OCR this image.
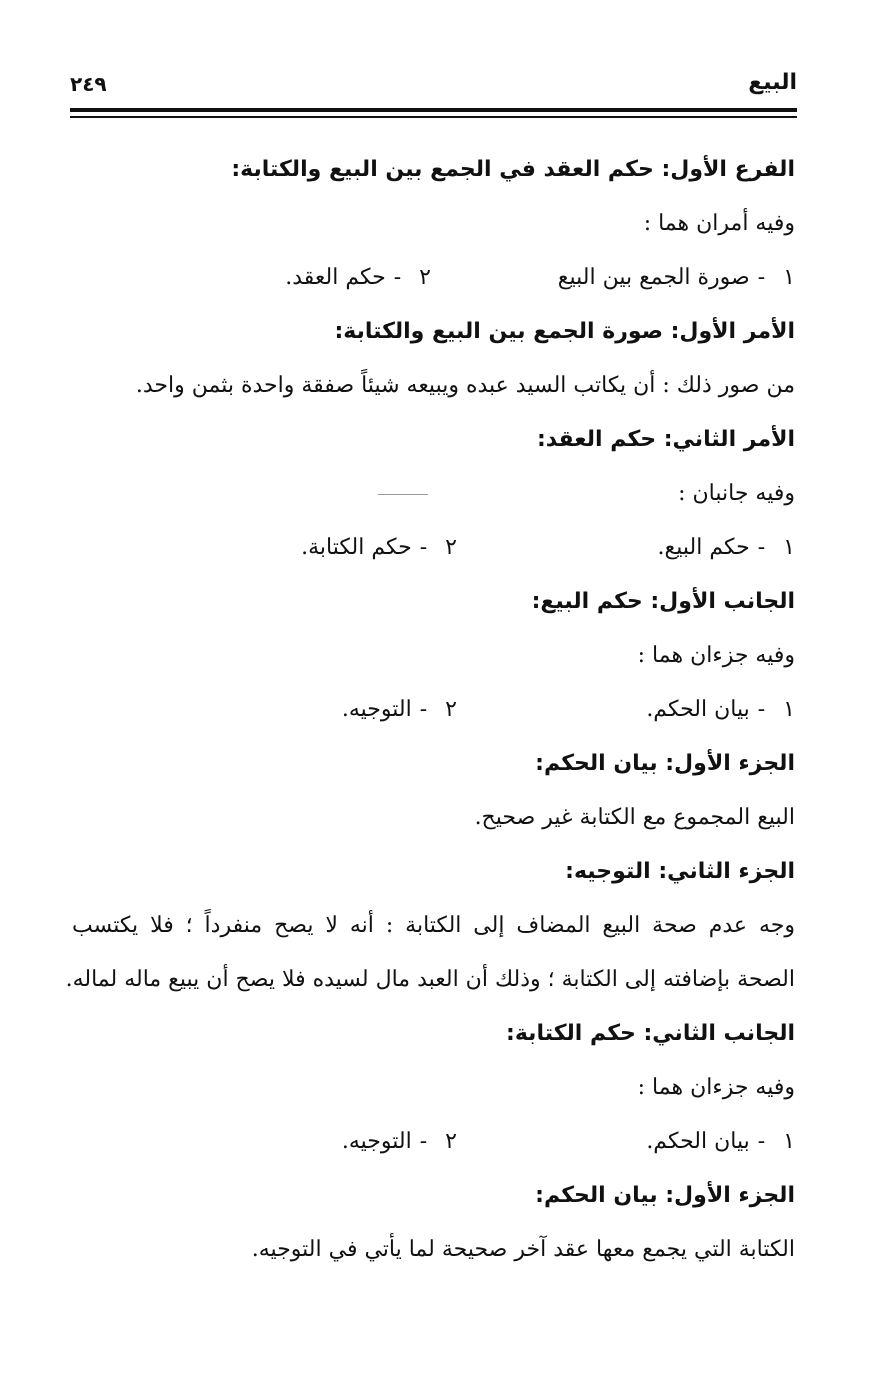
البيع
٢٤٩
الفرع الأول: حكم العقد في الجمع بين البيع والكتابة:
وفيه أمران هما :
١-صورة الجمع بين البيع
٢-حكم العقد.
الأمر الأول: صورة الجمع بين البيع والكتابة:
من صور ذلك : أن يكاتب السيد عبده ويبيعه شيئاً صفقة واحدة بثمن واحد.
الأمر الثاني: حكم العقد:
وفيه جانبان :
١-حكم البيع.
٢-حكم الكتابة.
الجانب الأول: حكم البيع:
وفيه جزءان هما :
١-بيان الحكم.
٢-التوجيه.
الجزء الأول: بيان الحكم:
البيع المجموع مع الكتابة غير صحيح.
الجزء الثاني: التوجيه:
وجه عدم صحة البيع المضاف إلى الكتابة : أنه لا يصح منفرداً ؛ فلا يكتسب
الصحة بإضافته إلى الكتابة ؛ وذلك أن العبد مال لسيده فلا يصح أن يبيع ماله لماله.
الجانب الثاني: حكم الكتابة:
وفيه جزءان هما :
١-بيان الحكم.
٢-التوجيه.
الجزء الأول: بيان الحكم:
الكتابة التي يجمع معها عقد آخر صحيحة لما يأتي في التوجيه.
